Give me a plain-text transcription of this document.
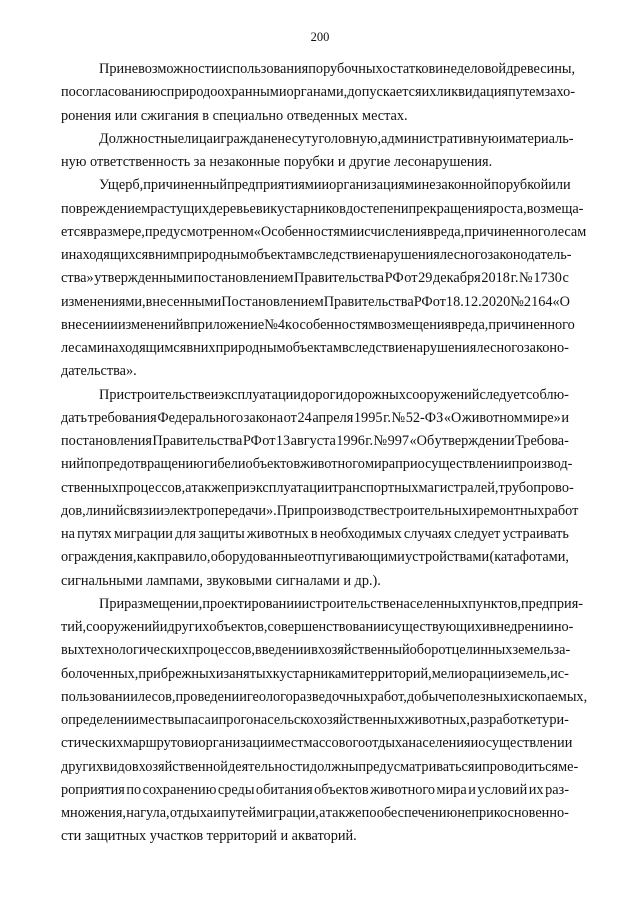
200
При невозможности использования порубочных остатков и неделовой древесины,
по согласованию с природоохранными органами, допускается их ликвидация путем захо-
ронения или сжигания в специально отведенных местах.
Должностные лица и граждане несут уголовную, административную и материаль-
ную ответственность за незаконные порубки и другие лесонарушения.
Ущерб, причиненный предприятиями и организациями незаконной порубкой или
повреждением растущих деревьев и кустарников до степени прекращения роста, возмеща-
ется в размере, предусмотренном «Особенностями исчисления вреда, причиненного лесам
и находящихся в ним природным объектам вследствие нарушения лесного законодатель-
ства» утвержденными постановлением Правительства РФ от 29 декабря 2018 г. № 1730 с
изменениями, внесенными Постановлением Правительства РФ от 18.12.2020 № 2164 «О
внесении изменений в приложение № 4 к особенностям возмещения вреда, причиненного
лесам и находящимся в них природным объектам вследствие нарушения лесного законо-
дательства».
При строительстве и эксплуатации дорог и дорожных сооружений следует соблю-
дать требования Федерального закона от 24 апреля 1995 г. № 52-ФЗ «О животном мире» и
постановления Правительства РФ от 13 августа 1996 г. № 997 «Об утверждении Требова-
ний по предотвращению гибели объектов животного мира при осуществлении производ-
ственных процессов, а также при эксплуатации транспортных магистралей, трубопрово-
дов, линий связи и электропередачи». При производстве строительных и ремонтных работ
на путях миграции для защиты животных в необходимых случаях следует устраивать
ограждения, как правило, оборудованные отпугивающими устройствами (катафотами,
сигнальными лампами, звуковыми сигналами и др.).
При размещении, проектировании и строительстве населенных пунктов, предприя-
тий, сооружений и других объектов, совершенствовании существующих и внедрении но-
вых технологических процессов, введении в хозяйственный оборот целинных земель за-
болоченных, прибрежных и занятых кустарниками территорий, мелиорации земель, ис-
пользовании лесов, проведении геологоразведочных работ, добыче полезных ископаемых,
определении мест выпаса и прогона сельскохозяйственных животных, разработке тури-
стических маршрутов и организации мест массового отдыха населения и осуществлении
других видов хозяйственной деятельности должны предусматриваться и проводиться ме-
роприятия по сохранению среды обитания объектов животного мира и условий их раз-
множения, нагула, отдыха и путей миграции, а также по обеспечению неприкосновенно-
сти защитных участков территорий и акваторий.
